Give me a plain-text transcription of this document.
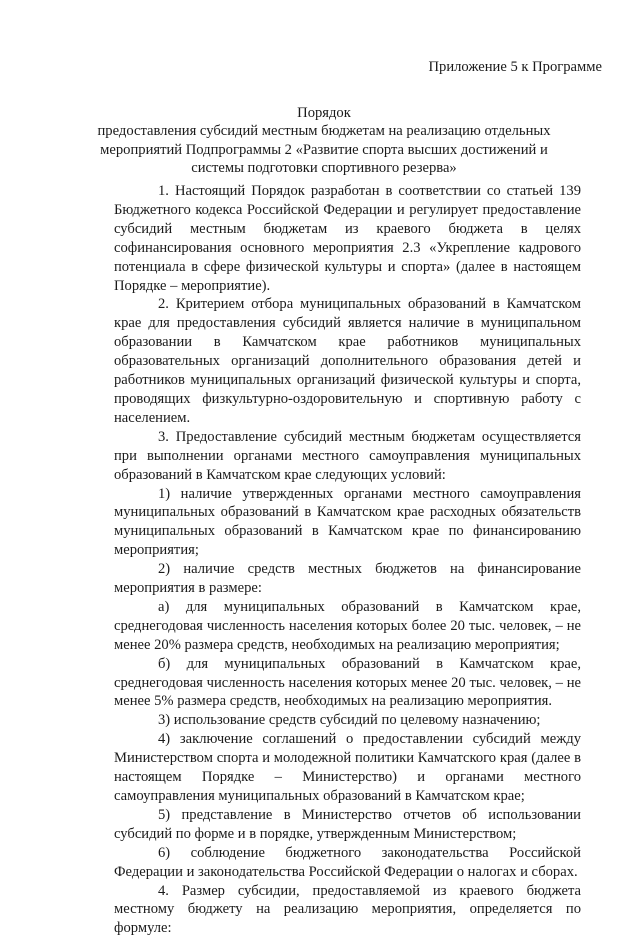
Приложение 5 к Программе
Порядок
предоставления субсидий местным бюджетам на реализацию отдельных мероприятий Подпрограммы 2 «Развитие спорта высших достижений и системы подготовки спортивного резерва»

1. Настоящий Порядок разработан в соответствии со статьей 139 Бюджетного кодекса Российской Федерации и регулирует предоставление субсидий местным бюджетам из краевого бюджета в целях софинансирования основного мероприятия 2.3 «Укрепление кадрового потенциала в сфере физической культуры и спорта» (далее в настоящем Порядке – мероприятие).

2. Критерием отбора муниципальных образований в Камчатском крае для предоставления субсидий является наличие в муниципальном образовании в Камчатском крае работников муниципальных образовательных организаций дополнительного образования детей и работников муниципальных организаций физической культуры и спорта, проводящих физкультурно-оздоровительную и спортивную работу с населением.

3. Предоставление субсидий местным бюджетам осуществляется при выполнении органами местного самоуправления муниципальных образований в Камчатском крае следующих условий:

1) наличие утвержденных органами местного самоуправления муниципальных образований в Камчатском крае расходных обязательств муниципальных образований в Камчатском крае по финансированию мероприятия;

2) наличие средств местных бюджетов на финансирование мероприятия в размере:

а) для муниципальных образований в Камчатском крае, среднегодовая численность населения которых более 20 тыс. человек, – не менее 20% размера средств, необходимых на реализацию мероприятия;

б) для муниципальных образований в Камчатском крае, среднегодовая численность населения которых менее 20 тыс. человек, – не менее 5% размера средств, необходимых на реализацию мероприятия.

3) использование средств субсидий по целевому назначению;

4) заключение соглашений о предоставлении субсидий между Министерством спорта и молодежной политики Камчатского края (далее в настоящем Порядке – Министерство) и органами местного самоуправления муниципальных образований в Камчатском крае;

5) представление в Министерство отчетов об использовании субсидий по форме и в порядке, утвержденным Министерством;

6) соблюдение бюджетного законодательства Российской Федерации и законодательства Российской Федерации о налогах и сборах.

4. Размер субсидии, предоставляемой из краевого бюджета местному бюджету на реализацию мероприятия, определяется по формуле:
